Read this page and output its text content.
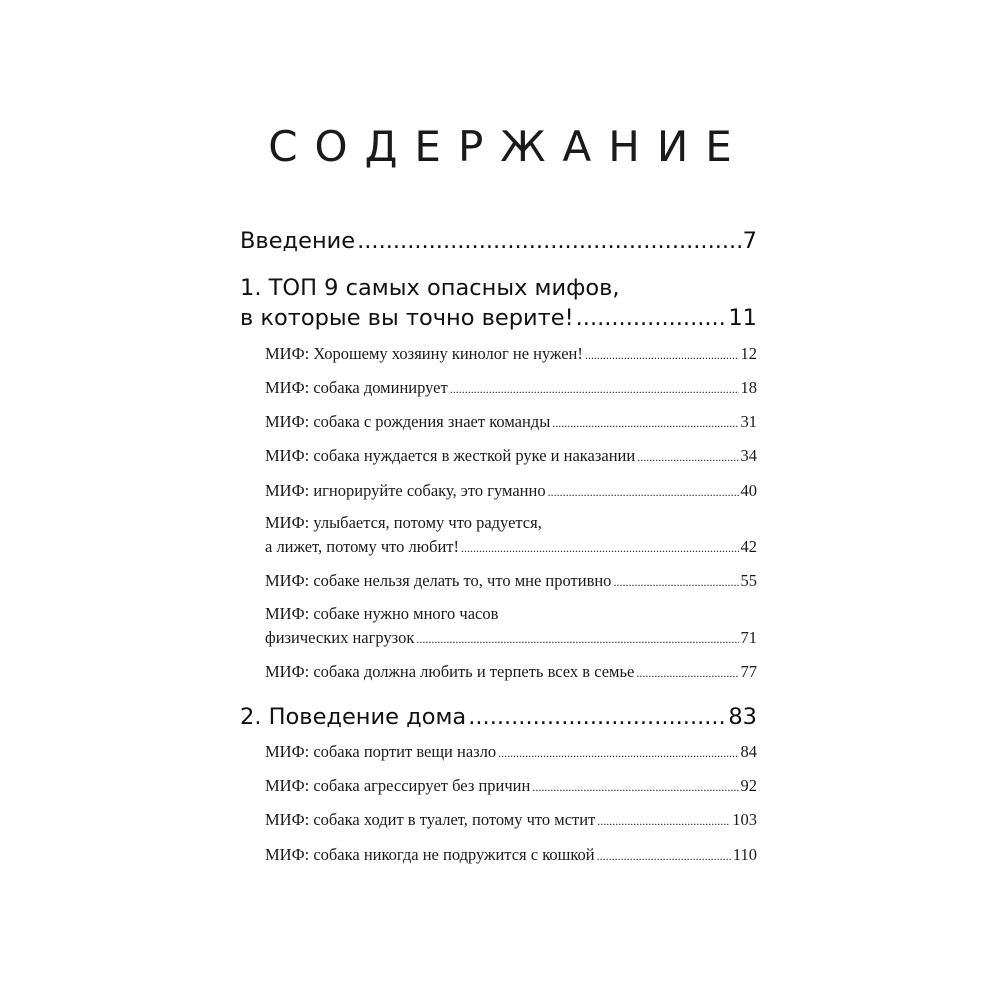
СОДЕРЖАНИЕ
Введение .....	7
1. ТОП 9 самых опасных мифов,
в которые вы точно верите! .....	11
МИФ: Хорошему хозяину кинолог не нужен! .....	12
МИФ: собака доминирует .....	18
МИФ: собака с рождения знает команды .....	31
МИФ: собака нуждается в жесткой руке и наказании .....	34
МИФ: игнорируйте собаку, это гуманно .....	40
МИФ: улыбается, потому что радуется,
а лижет, потому что любит! .....	42
МИФ: собаке нельзя делать то, что мне противно .....	55
МИФ: собаке нужно много часов
физических нагрузок .....	71
МИФ: собака должна любить и терпеть всех в семье .....	77
2. Поведение дома .....	83
МИФ: собака портит вещи назло .....	84
МИФ: собака агрессирует без причин .....	92
МИФ: собака ходит в туалет, потому что мстит .....	103
МИФ: собака никогда не подружится с кошкой .....	110
